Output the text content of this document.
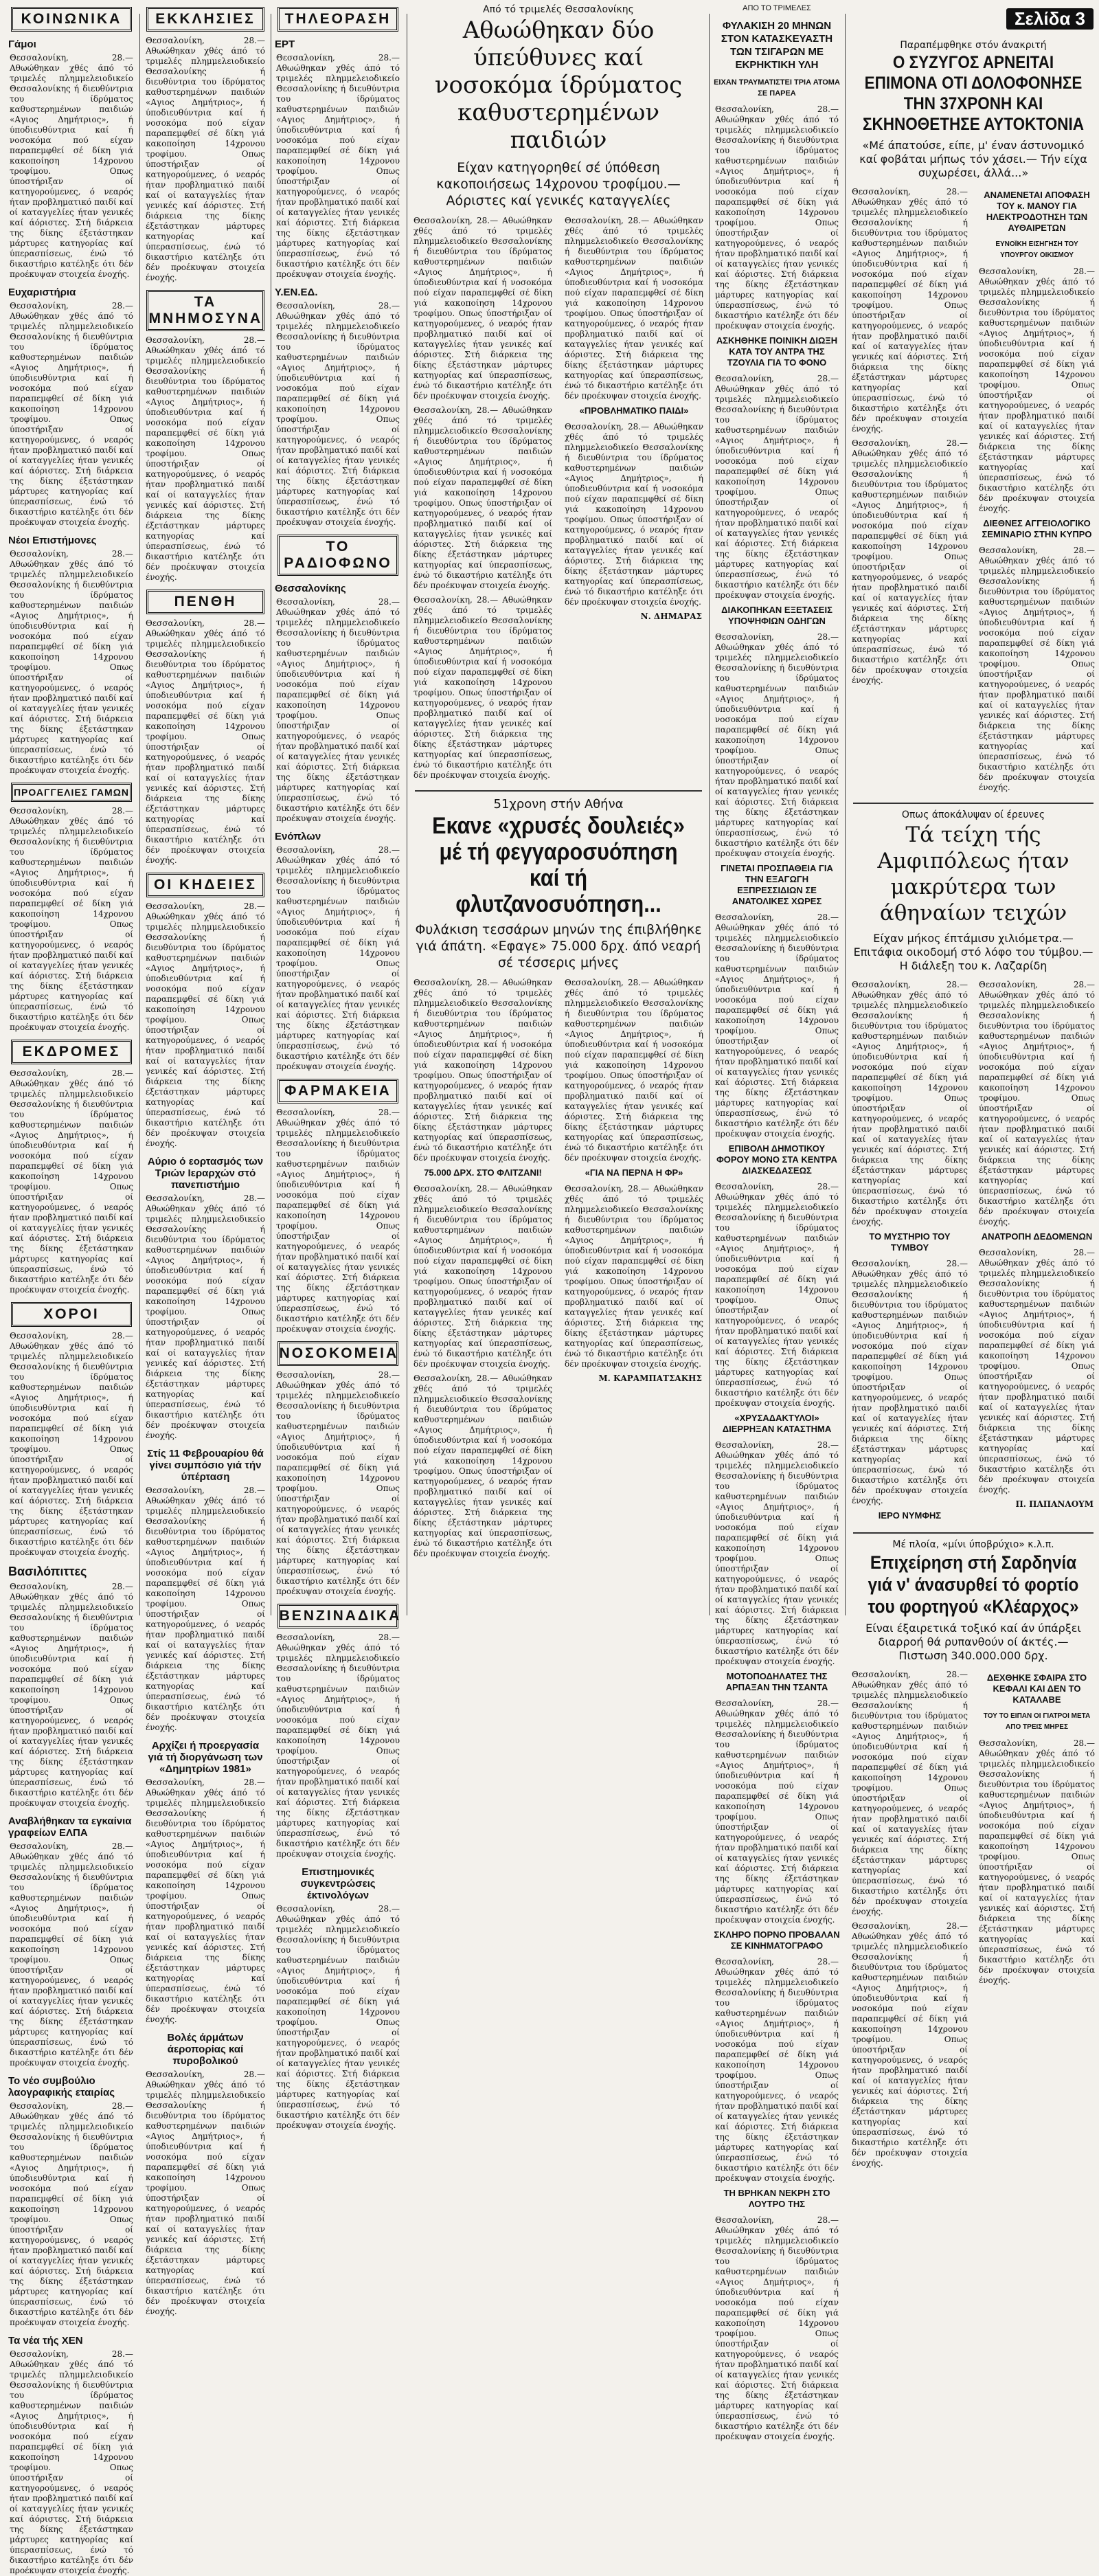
ΚΟΙΝΩΝΙΚΑ
Γάμοι
Θεσσαλονίκη, 28.— Αθωώθηκαν χθές άπό τό τριμελές πλημμελειοδικείο Θεσσαλονίκης ή διευθύντρια του ίδρύματος καθυστερημένων παιδιών «Αγιος Δημήτριος», ή ύποδιευθύντρια καί ή νοσοκόμα πού είχαν παραπεμφθεί σέ δίκη γιά κακοποίηση 14χρονου τροφίμου. Οπως ύποστήριξαν οί κατηγορούμενες, ό νεαρός ήταν προβληματικό παιδί καί οί καταγγελίες ήταν γενικές καί άόριστες. Στή διάρκεια της δίκης έξετάστηκαν μάρτυρες κατηγορίας καί ύπερασπίσεως, ένώ τό δικαστήριο κατέληξε ότι δέν προέκυψαν στοιχεία ένοχής.
Ευχαριστήρια
Θεσσαλονίκη, 28.— Αθωώθηκαν χθές άπό τό τριμελές πλημμελειοδικείο Θεσσαλονίκης ή διευθύντρια του ίδρύματος καθυστερημένων παιδιών «Αγιος Δημήτριος», ή ύποδιευθύντρια καί ή νοσοκόμα πού είχαν παραπεμφθεί σέ δίκη γιά κακοποίηση 14χρονου τροφίμου. Οπως ύποστήριξαν οί κατηγορούμενες, ό νεαρός ήταν προβληματικό παιδί καί οί καταγγελίες ήταν γενικές καί άόριστες. Στή διάρκεια της δίκης έξετάστηκαν μάρτυρες κατηγορίας καί ύπερασπίσεως, ένώ τό δικαστήριο κατέληξε ότι δέν προέκυψαν στοιχεία ένοχής.
Νέοι Επιστήμονες
Θεσσαλονίκη, 28.— Αθωώθηκαν χθές άπό τό τριμελές πλημμελειοδικείο Θεσσαλονίκης ή διευθύντρια του ίδρύματος καθυστερημένων παιδιών «Αγιος Δημήτριος», ή ύποδιευθύντρια καί ή νοσοκόμα πού είχαν παραπεμφθεί σέ δίκη γιά κακοποίηση 14χρονου τροφίμου. Οπως ύποστήριξαν οί κατηγορούμενες, ό νεαρός ήταν προβληματικό παιδί καί οί καταγγελίες ήταν γενικές καί άόριστες. Στή διάρκεια της δίκης έξετάστηκαν μάρτυρες κατηγορίας καί ύπερασπίσεως, ένώ τό δικαστήριο κατέληξε ότι δέν προέκυψαν στοιχεία ένοχής.
ΠΡΟΑΓΓΕΛΙΕΣ ΓΑΜΩΝ
Θεσσαλονίκη, 28.— Αθωώθηκαν χθές άπό τό τριμελές πλημμελειοδικείο Θεσσαλονίκης ή διευθύντρια του ίδρύματος καθυστερημένων παιδιών «Αγιος Δημήτριος», ή ύποδιευθύντρια καί ή νοσοκόμα πού είχαν παραπεμφθεί σέ δίκη γιά κακοποίηση 14χρονου τροφίμου. Οπως ύποστήριξαν οί κατηγορούμενες, ό νεαρός ήταν προβληματικό παιδί καί οί καταγγελίες ήταν γενικές καί άόριστες. Στή διάρκεια της δίκης έξετάστηκαν μάρτυρες κατηγορίας καί ύπερασπίσεως, ένώ τό δικαστήριο κατέληξε ότι δέν προέκυψαν στοιχεία ένοχής.
ΕΚΔΡΟΜΕΣ
Θεσσαλονίκη, 28.— Αθωώθηκαν χθές άπό τό τριμελές πλημμελειοδικείο Θεσσαλονίκης ή διευθύντρια του ίδρύματος καθυστερημένων παιδιών «Αγιος Δημήτριος», ή ύποδιευθύντρια καί ή νοσοκόμα πού είχαν παραπεμφθεί σέ δίκη γιά κακοποίηση 14χρονου τροφίμου. Οπως ύποστήριξαν οί κατηγορούμενες, ό νεαρός ήταν προβληματικό παιδί καί οί καταγγελίες ήταν γενικές καί άόριστες. Στή διάρκεια της δίκης έξετάστηκαν μάρτυρες κατηγορίας καί ύπερασπίσεως, ένώ τό δικαστήριο κατέληξε ότι δέν προέκυψαν στοιχεία ένοχής.
ΧΟΡΟΙ
Θεσσαλονίκη, 28.— Αθωώθηκαν χθές άπό τό τριμελές πλημμελειοδικείο Θεσσαλονίκης ή διευθύντρια του ίδρύματος καθυστερημένων παιδιών «Αγιος Δημήτριος», ή ύποδιευθύντρια καί ή νοσοκόμα πού είχαν παραπεμφθεί σέ δίκη γιά κακοποίηση 14χρονου τροφίμου. Οπως ύποστήριξαν οί κατηγορούμενες, ό νεαρός ήταν προβληματικό παιδί καί οί καταγγελίες ήταν γενικές καί άόριστες. Στή διάρκεια της δίκης έξετάστηκαν μάρτυρες κατηγορίας καί ύπερασπίσεως, ένώ τό δικαστήριο κατέληξε ότι δέν προέκυψαν στοιχεία ένοχής.
Βασιλόπιττες
Θεσσαλονίκη, 28.— Αθωώθηκαν χθές άπό τό τριμελές πλημμελειοδικείο Θεσσαλονίκης ή διευθύντρια του ίδρύματος καθυστερημένων παιδιών «Αγιος Δημήτριος», ή ύποδιευθύντρια καί ή νοσοκόμα πού είχαν παραπεμφθεί σέ δίκη γιά κακοποίηση 14χρονου τροφίμου. Οπως ύποστήριξαν οί κατηγορούμενες, ό νεαρός ήταν προβληματικό παιδί καί οί καταγγελίες ήταν γενικές καί άόριστες. Στή διάρκεια της δίκης έξετάστηκαν μάρτυρες κατηγορίας καί ύπερασπίσεως, ένώ τό δικαστήριο κατέληξε ότι δέν προέκυψαν στοιχεία ένοχής.
Αναβλήθηκαν τα εγκαίνια γραφείων ΕΛΠΑ
Θεσσαλονίκη, 28.— Αθωώθηκαν χθές άπό τό τριμελές πλημμελειοδικείο Θεσσαλονίκης ή διευθύντρια του ίδρύματος καθυστερημένων παιδιών «Αγιος Δημήτριος», ή ύποδιευθύντρια καί ή νοσοκόμα πού είχαν παραπεμφθεί σέ δίκη γιά κακοποίηση 14χρονου τροφίμου. Οπως ύποστήριξαν οί κατηγορούμενες, ό νεαρός ήταν προβληματικό παιδί καί οί καταγγελίες ήταν γενικές καί άόριστες. Στή διάρκεια της δίκης έξετάστηκαν μάρτυρες κατηγορίας καί ύπερασπίσεως, ένώ τό δικαστήριο κατέληξε ότι δέν προέκυψαν στοιχεία ένοχής.
Το νέο συμβούλιο λαογραφικής εταιρίας
Θεσσαλονίκη, 28.— Αθωώθηκαν χθές άπό τό τριμελές πλημμελειοδικείο Θεσσαλονίκης ή διευθύντρια του ίδρύματος καθυστερημένων παιδιών «Αγιος Δημήτριος», ή ύποδιευθύντρια καί ή νοσοκόμα πού είχαν παραπεμφθεί σέ δίκη γιά κακοποίηση 14χρονου τροφίμου. Οπως ύποστήριξαν οί κατηγορούμενες, ό νεαρός ήταν προβληματικό παιδί καί οί καταγγελίες ήταν γενικές καί άόριστες. Στή διάρκεια της δίκης έξετάστηκαν μάρτυρες κατηγορίας καί ύπερασπίσεως, ένώ τό δικαστήριο κατέληξε ότι δέν προέκυψαν στοιχεία ένοχής.
Τα νέα τής ΧΕΝ
Θεσσαλονίκη, 28.— Αθωώθηκαν χθές άπό τό τριμελές πλημμελειοδικείο Θεσσαλονίκης ή διευθύντρια του ίδρύματος καθυστερημένων παιδιών «Αγιος Δημήτριος», ή ύποδιευθύντρια καί ή νοσοκόμα πού είχαν παραπεμφθεί σέ δίκη γιά κακοποίηση 14χρονου τροφίμου. Οπως ύποστήριξαν οί κατηγορούμενες, ό νεαρός ήταν προβληματικό παιδί καί οί καταγγελίες ήταν γενικές καί άόριστες. Στή διάρκεια της δίκης έξετάστηκαν μάρτυρες κατηγορίας καί ύπερασπίσεως, ένώ τό δικαστήριο κατέληξε ότι δέν προέκυψαν στοιχεία ένοχής.
ΕΚΚΛΗΣΙΕΣ
Θεσσαλονίκη, 28.— Αθωώθηκαν χθές άπό τό τριμελές πλημμελειοδικείο Θεσσαλονίκης ή διευθύντρια του ίδρύματος καθυστερημένων παιδιών «Αγιος Δημήτριος», ή ύποδιευθύντρια καί ή νοσοκόμα πού είχαν παραπεμφθεί σέ δίκη γιά κακοποίηση 14χρονου τροφίμου. Οπως ύποστήριξαν οί κατηγορούμενες, ό νεαρός ήταν προβληματικό παιδί καί οί καταγγελίες ήταν γενικές καί άόριστες. Στή διάρκεια της δίκης έξετάστηκαν μάρτυρες κατηγορίας καί ύπερασπίσεως, ένώ τό δικαστήριο κατέληξε ότι δέν προέκυψαν στοιχεία ένοχής.
ΤΑ ΜΝΗΜΟΣΥΝΑ
Θεσσαλονίκη, 28.— Αθωώθηκαν χθές άπό τό τριμελές πλημμελειοδικείο Θεσσαλονίκης ή διευθύντρια του ίδρύματος καθυστερημένων παιδιών «Αγιος Δημήτριος», ή ύποδιευθύντρια καί ή νοσοκόμα πού είχαν παραπεμφθεί σέ δίκη γιά κακοποίηση 14χρονου τροφίμου. Οπως ύποστήριξαν οί κατηγορούμενες, ό νεαρός ήταν προβληματικό παιδί καί οί καταγγελίες ήταν γενικές καί άόριστες. Στή διάρκεια της δίκης έξετάστηκαν μάρτυρες κατηγορίας καί ύπερασπίσεως, ένώ τό δικαστήριο κατέληξε ότι δέν προέκυψαν στοιχεία ένοχής.
ΠΕΝΘΗ
Θεσσαλονίκη, 28.— Αθωώθηκαν χθές άπό τό τριμελές πλημμελειοδικείο Θεσσαλονίκης ή διευθύντρια του ίδρύματος καθυστερημένων παιδιών «Αγιος Δημήτριος», ή ύποδιευθύντρια καί ή νοσοκόμα πού είχαν παραπεμφθεί σέ δίκη γιά κακοποίηση 14χρονου τροφίμου. Οπως ύποστήριξαν οί κατηγορούμενες, ό νεαρός ήταν προβληματικό παιδί καί οί καταγγελίες ήταν γενικές καί άόριστες. Στή διάρκεια της δίκης έξετάστηκαν μάρτυρες κατηγορίας καί ύπερασπίσεως, ένώ τό δικαστήριο κατέληξε ότι δέν προέκυψαν στοιχεία ένοχής.
ΟΙ ΚΗΔΕΙΕΣ
Θεσσαλονίκη, 28.— Αθωώθηκαν χθές άπό τό τριμελές πλημμελειοδικείο Θεσσαλονίκης ή διευθύντρια του ίδρύματος καθυστερημένων παιδιών «Αγιος Δημήτριος», ή ύποδιευθύντρια καί ή νοσοκόμα πού είχαν παραπεμφθεί σέ δίκη γιά κακοποίηση 14χρονου τροφίμου. Οπως ύποστήριξαν οί κατηγορούμενες, ό νεαρός ήταν προβληματικό παιδί καί οί καταγγελίες ήταν γενικές καί άόριστες. Στή διάρκεια της δίκης έξετάστηκαν μάρτυρες κατηγορίας καί ύπερασπίσεως, ένώ τό δικαστήριο κατέληξε ότι δέν προέκυψαν στοιχεία ένοχής.
Αύριο ό εορτασμός των Τριών Ιεραρχών στό πανεπιστήμιο
Θεσσαλονίκη, 28.— Αθωώθηκαν χθές άπό τό τριμελές πλημμελειοδικείο Θεσσαλονίκης ή διευθύντρια του ίδρύματος καθυστερημένων παιδιών «Αγιος Δημήτριος», ή ύποδιευθύντρια καί ή νοσοκόμα πού είχαν παραπεμφθεί σέ δίκη γιά κακοποίηση 14χρονου τροφίμου. Οπως ύποστήριξαν οί κατηγορούμενες, ό νεαρός ήταν προβληματικό παιδί καί οί καταγγελίες ήταν γενικές καί άόριστες. Στή διάρκεια της δίκης έξετάστηκαν μάρτυρες κατηγορίας καί ύπερασπίσεως, ένώ τό δικαστήριο κατέληξε ότι δέν προέκυψαν στοιχεία ένοχής.
Στίς 11 Φεβρουαρίου θά γίνει συμπόσιο γιά τήν ύπέρταση
Θεσσαλονίκη, 28.— Αθωώθηκαν χθές άπό τό τριμελές πλημμελειοδικείο Θεσσαλονίκης ή διευθύντρια του ίδρύματος καθυστερημένων παιδιών «Αγιος Δημήτριος», ή ύποδιευθύντρια καί ή νοσοκόμα πού είχαν παραπεμφθεί σέ δίκη γιά κακοποίηση 14χρονου τροφίμου. Οπως ύποστήριξαν οί κατηγορούμενες, ό νεαρός ήταν προβληματικό παιδί καί οί καταγγελίες ήταν γενικές καί άόριστες. Στή διάρκεια της δίκης έξετάστηκαν μάρτυρες κατηγορίας καί ύπερασπίσεως, ένώ τό δικαστήριο κατέληξε ότι δέν προέκυψαν στοιχεία ένοχής.
Αρχίζει ή προεργασία γιά τή διοργάνωση των «Δημητρίων 1981»
Θεσσαλονίκη, 28.— Αθωώθηκαν χθές άπό τό τριμελές πλημμελειοδικείο Θεσσαλονίκης ή διευθύντρια του ίδρύματος καθυστερημένων παιδιών «Αγιος Δημήτριος», ή ύποδιευθύντρια καί ή νοσοκόμα πού είχαν παραπεμφθεί σέ δίκη γιά κακοποίηση 14χρονου τροφίμου. Οπως ύποστήριξαν οί κατηγορούμενες, ό νεαρός ήταν προβληματικό παιδί καί οί καταγγελίες ήταν γενικές καί άόριστες. Στή διάρκεια της δίκης έξετάστηκαν μάρτυρες κατηγορίας καί ύπερασπίσεως, ένώ τό δικαστήριο κατέληξε ότι δέν προέκυψαν στοιχεία ένοχής.
Βολές άρμάτων άεροπορίας καί πυροβολικού
Θεσσαλονίκη, 28.— Αθωώθηκαν χθές άπό τό τριμελές πλημμελειοδικείο Θεσσαλονίκης ή διευθύντρια του ίδρύματος καθυστερημένων παιδιών «Αγιος Δημήτριος», ή ύποδιευθύντρια καί ή νοσοκόμα πού είχαν παραπεμφθεί σέ δίκη γιά κακοποίηση 14χρονου τροφίμου. Οπως ύποστήριξαν οί κατηγορούμενες, ό νεαρός ήταν προβληματικό παιδί καί οί καταγγελίες ήταν γενικές καί άόριστες. Στή διάρκεια της δίκης έξετάστηκαν μάρτυρες κατηγορίας καί ύπερασπίσεως, ένώ τό δικαστήριο κατέληξε ότι δέν προέκυψαν στοιχεία ένοχής.
ΤΗΛΕΟΡΑΣΗ
ΕΡΤ
Θεσσαλονίκη, 28.— Αθωώθηκαν χθές άπό τό τριμελές πλημμελειοδικείο Θεσσαλονίκης ή διευθύντρια του ίδρύματος καθυστερημένων παιδιών «Αγιος Δημήτριος», ή ύποδιευθύντρια καί ή νοσοκόμα πού είχαν παραπεμφθεί σέ δίκη γιά κακοποίηση 14χρονου τροφίμου. Οπως ύποστήριξαν οί κατηγορούμενες, ό νεαρός ήταν προβληματικό παιδί καί οί καταγγελίες ήταν γενικές καί άόριστες. Στή διάρκεια της δίκης έξετάστηκαν μάρτυρες κατηγορίας καί ύπερασπίσεως, ένώ τό δικαστήριο κατέληξε ότι δέν προέκυψαν στοιχεία ένοχής.
Υ.ΕΝ.ΕΔ.
Θεσσαλονίκη, 28.— Αθωώθηκαν χθές άπό τό τριμελές πλημμελειοδικείο Θεσσαλονίκης ή διευθύντρια του ίδρύματος καθυστερημένων παιδιών «Αγιος Δημήτριος», ή ύποδιευθύντρια καί ή νοσοκόμα πού είχαν παραπεμφθεί σέ δίκη γιά κακοποίηση 14χρονου τροφίμου. Οπως ύποστήριξαν οί κατηγορούμενες, ό νεαρός ήταν προβληματικό παιδί καί οί καταγγελίες ήταν γενικές καί άόριστες. Στή διάρκεια της δίκης έξετάστηκαν μάρτυρες κατηγορίας καί ύπερασπίσεως, ένώ τό δικαστήριο κατέληξε ότι δέν προέκυψαν στοιχεία ένοχής.
ΤΟ ΡΑΔΙΟΦΩΝΟ
Θεσσαλονίκης
Θεσσαλονίκη, 28.— Αθωώθηκαν χθές άπό τό τριμελές πλημμελειοδικείο Θεσσαλονίκης ή διευθύντρια του ίδρύματος καθυστερημένων παιδιών «Αγιος Δημήτριος», ή ύποδιευθύντρια καί ή νοσοκόμα πού είχαν παραπεμφθεί σέ δίκη γιά κακοποίηση 14χρονου τροφίμου. Οπως ύποστήριξαν οί κατηγορούμενες, ό νεαρός ήταν προβληματικό παιδί καί οί καταγγελίες ήταν γενικές καί άόριστες. Στή διάρκεια της δίκης έξετάστηκαν μάρτυρες κατηγορίας καί ύπερασπίσεως, ένώ τό δικαστήριο κατέληξε ότι δέν προέκυψαν στοιχεία ένοχής.
Ενόπλων
Θεσσαλονίκη, 28.— Αθωώθηκαν χθές άπό τό τριμελές πλημμελειοδικείο Θεσσαλονίκης ή διευθύντρια του ίδρύματος καθυστερημένων παιδιών «Αγιος Δημήτριος», ή ύποδιευθύντρια καί ή νοσοκόμα πού είχαν παραπεμφθεί σέ δίκη γιά κακοποίηση 14χρονου τροφίμου. Οπως ύποστήριξαν οί κατηγορούμενες, ό νεαρός ήταν προβληματικό παιδί καί οί καταγγελίες ήταν γενικές καί άόριστες. Στή διάρκεια της δίκης έξετάστηκαν μάρτυρες κατηγορίας καί ύπερασπίσεως, ένώ τό δικαστήριο κατέληξε ότι δέν προέκυψαν στοιχεία ένοχής.
ΦΑΡΜΑΚΕΙΑ
Θεσσαλονίκη, 28.— Αθωώθηκαν χθές άπό τό τριμελές πλημμελειοδικείο Θεσσαλονίκης ή διευθύντρια του ίδρύματος καθυστερημένων παιδιών «Αγιος Δημήτριος», ή ύποδιευθύντρια καί ή νοσοκόμα πού είχαν παραπεμφθεί σέ δίκη γιά κακοποίηση 14χρονου τροφίμου. Οπως ύποστήριξαν οί κατηγορούμενες, ό νεαρός ήταν προβληματικό παιδί καί οί καταγγελίες ήταν γενικές καί άόριστες. Στή διάρκεια της δίκης έξετάστηκαν μάρτυρες κατηγορίας καί ύπερασπίσεως, ένώ τό δικαστήριο κατέληξε ότι δέν προέκυψαν στοιχεία ένοχής.
ΝΟΣΟΚΟΜΕΙΑ
Θεσσαλονίκη, 28.— Αθωώθηκαν χθές άπό τό τριμελές πλημμελειοδικείο Θεσσαλονίκης ή διευθύντρια του ίδρύματος καθυστερημένων παιδιών «Αγιος Δημήτριος», ή ύποδιευθύντρια καί ή νοσοκόμα πού είχαν παραπεμφθεί σέ δίκη γιά κακοποίηση 14χρονου τροφίμου. Οπως ύποστήριξαν οί κατηγορούμενες, ό νεαρός ήταν προβληματικό παιδί καί οί καταγγελίες ήταν γενικές καί άόριστες. Στή διάρκεια της δίκης έξετάστηκαν μάρτυρες κατηγορίας καί ύπερασπίσεως, ένώ τό δικαστήριο κατέληξε ότι δέν προέκυψαν στοιχεία ένοχής.
ΒΕΝΖΙΝΑΔΙΚΑ
Θεσσαλονίκη, 28.— Αθωώθηκαν χθές άπό τό τριμελές πλημμελειοδικείο Θεσσαλονίκης ή διευθύντρια του ίδρύματος καθυστερημένων παιδιών «Αγιος Δημήτριος», ή ύποδιευθύντρια καί ή νοσοκόμα πού είχαν παραπεμφθεί σέ δίκη γιά κακοποίηση 14χρονου τροφίμου. Οπως ύποστήριξαν οί κατηγορούμενες, ό νεαρός ήταν προβληματικό παιδί καί οί καταγγελίες ήταν γενικές καί άόριστες. Στή διάρκεια της δίκης έξετάστηκαν μάρτυρες κατηγορίας καί ύπερασπίσεως, ένώ τό δικαστήριο κατέληξε ότι δέν προέκυψαν στοιχεία ένοχής.
Επιστημονικές συγκεντρώσεις έκτινολόγων
Θεσσαλονίκη, 28.— Αθωώθηκαν χθές άπό τό τριμελές πλημμελειοδικείο Θεσσαλονίκης ή διευθύντρια του ίδρύματος καθυστερημένων παιδιών «Αγιος Δημήτριος», ή ύποδιευθύντρια καί ή νοσοκόμα πού είχαν παραπεμφθεί σέ δίκη γιά κακοποίηση 14χρονου τροφίμου. Οπως ύποστήριξαν οί κατηγορούμενες, ό νεαρός ήταν προβληματικό παιδί καί οί καταγγελίες ήταν γενικές καί άόριστες. Στή διάρκεια της δίκης έξετάστηκαν μάρτυρες κατηγορίας καί ύπερασπίσεως, ένώ τό δικαστήριο κατέληξε ότι δέν προέκυψαν στοιχεία ένοχής.
Από τό τριμελές Θεσσαλονίκης
Αθωώθηκαν δύο ύπεύθυνες καί νοσοκόμα ίδρύματος καθυστερημένων παιδιών
Είχαν κατηγορηθεί σέ ύπόθεση κακοποιήσεως 14χρονου τροφίμου.— Αόριστες καί γενικές καταγγελίες
Θεσσαλονίκη, 28.— Αθωώθηκαν χθές άπό τό τριμελές πλημμελειοδικείο Θεσσαλονίκης ή διευθύντρια του ίδρύματος καθυστερημένων παιδιών «Αγιος Δημήτριος», ή ύποδιευθύντρια καί ή νοσοκόμα πού είχαν παραπεμφθεί σέ δίκη γιά κακοποίηση 14χρονου τροφίμου. Οπως ύποστήριξαν οί κατηγορούμενες, ό νεαρός ήταν προβληματικό παιδί καί οί καταγγελίες ήταν γενικές καί άόριστες. Στή διάρκεια της δίκης έξετάστηκαν μάρτυρες κατηγορίας καί ύπερασπίσεως, ένώ τό δικαστήριο κατέληξε ότι δέν προέκυψαν στοιχεία ένοχής.
Θεσσαλονίκη, 28.— Αθωώθηκαν χθές άπό τό τριμελές πλημμελειοδικείο Θεσσαλονίκης ή διευθύντρια του ίδρύματος καθυστερημένων παιδιών «Αγιος Δημήτριος», ή ύποδιευθύντρια καί ή νοσοκόμα πού είχαν παραπεμφθεί σέ δίκη γιά κακοποίηση 14χρονου τροφίμου. Οπως ύποστήριξαν οί κατηγορούμενες, ό νεαρός ήταν προβληματικό παιδί καί οί καταγγελίες ήταν γενικές καί άόριστες. Στή διάρκεια της δίκης έξετάστηκαν μάρτυρες κατηγορίας καί ύπερασπίσεως, ένώ τό δικαστήριο κατέληξε ότι δέν προέκυψαν στοιχεία ένοχής.
Θεσσαλονίκη, 28.— Αθωώθηκαν χθές άπό τό τριμελές πλημμελειοδικείο Θεσσαλονίκης ή διευθύντρια του ίδρύματος καθυστερημένων παιδιών «Αγιος Δημήτριος», ή ύποδιευθύντρια καί ή νοσοκόμα πού είχαν παραπεμφθεί σέ δίκη γιά κακοποίηση 14χρονου τροφίμου. Οπως ύποστήριξαν οί κατηγορούμενες, ό νεαρός ήταν προβληματικό παιδί καί οί καταγγελίες ήταν γενικές καί άόριστες. Στή διάρκεια της δίκης έξετάστηκαν μάρτυρες κατηγορίας καί ύπερασπίσεως, ένώ τό δικαστήριο κατέληξε ότι δέν προέκυψαν στοιχεία ένοχής.
Θεσσαλονίκη, 28.— Αθωώθηκαν χθές άπό τό τριμελές πλημμελειοδικείο Θεσσαλονίκης ή διευθύντρια του ίδρύματος καθυστερημένων παιδιών «Αγιος Δημήτριος», ή ύποδιευθύντρια καί ή νοσοκόμα πού είχαν παραπεμφθεί σέ δίκη γιά κακοποίηση 14χρονου τροφίμου. Οπως ύποστήριξαν οί κατηγορούμενες, ό νεαρός ήταν προβληματικό παιδί καί οί καταγγελίες ήταν γενικές καί άόριστες. Στή διάρκεια της δίκης έξετάστηκαν μάρτυρες κατηγορίας καί ύπερασπίσεως, ένώ τό δικαστήριο κατέληξε ότι δέν προέκυψαν στοιχεία ένοχής.
«ΠΡΟΒΛΗΜΑΤΙΚΟ ΠΑΙΔΙ»
Θεσσαλονίκη, 28.— Αθωώθηκαν χθές άπό τό τριμελές πλημμελειοδικείο Θεσσαλονίκης ή διευθύντρια του ίδρύματος καθυστερημένων παιδιών «Αγιος Δημήτριος», ή ύποδιευθύντρια καί ή νοσοκόμα πού είχαν παραπεμφθεί σέ δίκη γιά κακοποίηση 14χρονου τροφίμου. Οπως ύποστήριξαν οί κατηγορούμενες, ό νεαρός ήταν προβληματικό παιδί καί οί καταγγελίες ήταν γενικές καί άόριστες. Στή διάρκεια της δίκης έξετάστηκαν μάρτυρες κατηγορίας καί ύπερασπίσεως, ένώ τό δικαστήριο κατέληξε ότι δέν προέκυψαν στοιχεία ένοχής.
Ν. ΔΗΜΑΡΑΣ
51χρονη στήν Αθήνα
Εκανε «χρυσές δουλειές» μέ τή φεγγαροσυόπηση καί τή φλυτζανοσυόπηση...
Φυλάκιση τεσσάρων μηνών της έπιβλήθηκε γιά άπάτη. «Εφαγε» 75.000 δρχ. άπό νεαρή σέ τέσσερις μήνες
Θεσσαλονίκη, 28.— Αθωώθηκαν χθές άπό τό τριμελές πλημμελειοδικείο Θεσσαλονίκης ή διευθύντρια του ίδρύματος καθυστερημένων παιδιών «Αγιος Δημήτριος», ή ύποδιευθύντρια καί ή νοσοκόμα πού είχαν παραπεμφθεί σέ δίκη γιά κακοποίηση 14χρονου τροφίμου. Οπως ύποστήριξαν οί κατηγορούμενες, ό νεαρός ήταν προβληματικό παιδί καί οί καταγγελίες ήταν γενικές καί άόριστες. Στή διάρκεια της δίκης έξετάστηκαν μάρτυρες κατηγορίας καί ύπερασπίσεως, ένώ τό δικαστήριο κατέληξε ότι δέν προέκυψαν στοιχεία ένοχής.
75.000 ΔΡΧ. ΣΤΟ ΦΛΙΤΖΑΝΙ!
Θεσσαλονίκη, 28.— Αθωώθηκαν χθές άπό τό τριμελές πλημμελειοδικείο Θεσσαλονίκης ή διευθύντρια του ίδρύματος καθυστερημένων παιδιών «Αγιος Δημήτριος», ή ύποδιευθύντρια καί ή νοσοκόμα πού είχαν παραπεμφθεί σέ δίκη γιά κακοποίηση 14χρονου τροφίμου. Οπως ύποστήριξαν οί κατηγορούμενες, ό νεαρός ήταν προβληματικό παιδί καί οί καταγγελίες ήταν γενικές καί άόριστες. Στή διάρκεια της δίκης έξετάστηκαν μάρτυρες κατηγορίας καί ύπερασπίσεως, ένώ τό δικαστήριο κατέληξε ότι δέν προέκυψαν στοιχεία ένοχής.
Θεσσαλονίκη, 28.— Αθωώθηκαν χθές άπό τό τριμελές πλημμελειοδικείο Θεσσαλονίκης ή διευθύντρια του ίδρύματος καθυστερημένων παιδιών «Αγιος Δημήτριος», ή ύποδιευθύντρια καί ή νοσοκόμα πού είχαν παραπεμφθεί σέ δίκη γιά κακοποίηση 14χρονου τροφίμου. Οπως ύποστήριξαν οί κατηγορούμενες, ό νεαρός ήταν προβληματικό παιδί καί οί καταγγελίες ήταν γενικές καί άόριστες. Στή διάρκεια της δίκης έξετάστηκαν μάρτυρες κατηγορίας καί ύπερασπίσεως, ένώ τό δικαστήριο κατέληξε ότι δέν προέκυψαν στοιχεία ένοχής.
Θεσσαλονίκη, 28.— Αθωώθηκαν χθές άπό τό τριμελές πλημμελειοδικείο Θεσσαλονίκης ή διευθύντρια του ίδρύματος καθυστερημένων παιδιών «Αγιος Δημήτριος», ή ύποδιευθύντρια καί ή νοσοκόμα πού είχαν παραπεμφθεί σέ δίκη γιά κακοποίηση 14χρονου τροφίμου. Οπως ύποστήριξαν οί κατηγορούμενες, ό νεαρός ήταν προβληματικό παιδί καί οί καταγγελίες ήταν γενικές καί άόριστες. Στή διάρκεια της δίκης έξετάστηκαν μάρτυρες κατηγορίας καί ύπερασπίσεως, ένώ τό δικαστήριο κατέληξε ότι δέν προέκυψαν στοιχεία ένοχής.
«ΓΙΑ ΝΑ ΠΕΡΝΑ Η ΦΡ»
Θεσσαλονίκη, 28.— Αθωώθηκαν χθές άπό τό τριμελές πλημμελειοδικείο Θεσσαλονίκης ή διευθύντρια του ίδρύματος καθυστερημένων παιδιών «Αγιος Δημήτριος», ή ύποδιευθύντρια καί ή νοσοκόμα πού είχαν παραπεμφθεί σέ δίκη γιά κακοποίηση 14χρονου τροφίμου. Οπως ύποστήριξαν οί κατηγορούμενες, ό νεαρός ήταν προβληματικό παιδί καί οί καταγγελίες ήταν γενικές καί άόριστες. Στή διάρκεια της δίκης έξετάστηκαν μάρτυρες κατηγορίας καί ύπερασπίσεως, ένώ τό δικαστήριο κατέληξε ότι δέν προέκυψαν στοιχεία ένοχής.
Μ. ΚΑΡΑΜΠΑΤΣΑΚΗΣ
ΑΠΟ ΤΟ ΤΡΙΜΕΛΕΣ
ΦΥΛΑΚΙΣΗ 20 ΜΗΝΩΝ ΣΤΟΝ ΚΑΤΑΣΚΕΥΑΣΤΗ ΤΩΝ ΤΣΙΓΑΡΩΝ ΜΕ ΕΚΡΗΚΤΙΚΗ ΥΛΗ
ΕΙΧΑΝ ΤΡΑΥΜΑΤΙΣΤΕΙ ΤΡΙΑ ΑΤΟΜΑ ΣΕ ΠΑΡΕΑ
Θεσσαλονίκη, 28.— Αθωώθηκαν χθές άπό τό τριμελές πλημμελειοδικείο Θεσσαλονίκης ή διευθύντρια του ίδρύματος καθυστερημένων παιδιών «Αγιος Δημήτριος», ή ύποδιευθύντρια καί ή νοσοκόμα πού είχαν παραπεμφθεί σέ δίκη γιά κακοποίηση 14χρονου τροφίμου. Οπως ύποστήριξαν οί κατηγορούμενες, ό νεαρός ήταν προβληματικό παιδί καί οί καταγγελίες ήταν γενικές καί άόριστες. Στή διάρκεια της δίκης έξετάστηκαν μάρτυρες κατηγορίας καί ύπερασπίσεως, ένώ τό δικαστήριο κατέληξε ότι δέν προέκυψαν στοιχεία ένοχής.
ΑΣΚΗΘΗΚΕ ΠΟΙΝΙΚΗ ΔΙΩΞΗ ΚΑΤΑ ΤΟΥ ΑΝΤΡΑ ΤΗΣ ΤΖΟΥΛΙΑ ΓΙΑ ΤΟ ΦΟΝΟ
Θεσσαλονίκη, 28.— Αθωώθηκαν χθές άπό τό τριμελές πλημμελειοδικείο Θεσσαλονίκης ή διευθύντρια του ίδρύματος καθυστερημένων παιδιών «Αγιος Δημήτριος», ή ύποδιευθύντρια καί ή νοσοκόμα πού είχαν παραπεμφθεί σέ δίκη γιά κακοποίηση 14χρονου τροφίμου. Οπως ύποστήριξαν οί κατηγορούμενες, ό νεαρός ήταν προβληματικό παιδί καί οί καταγγελίες ήταν γενικές καί άόριστες. Στή διάρκεια της δίκης έξετάστηκαν μάρτυρες κατηγορίας καί ύπερασπίσεως, ένώ τό δικαστήριο κατέληξε ότι δέν προέκυψαν στοιχεία ένοχής.
ΔΙΑΚΟΠΗΚΑΝ ΕΞΕΤΑΣΕΙΣ ΥΠΟΨΗΦΙΩΝ ΟΔΗΓΩΝ
Θεσσαλονίκη, 28.— Αθωώθηκαν χθές άπό τό τριμελές πλημμελειοδικείο Θεσσαλονίκης ή διευθύντρια του ίδρύματος καθυστερημένων παιδιών «Αγιος Δημήτριος», ή ύποδιευθύντρια καί ή νοσοκόμα πού είχαν παραπεμφθεί σέ δίκη γιά κακοποίηση 14χρονου τροφίμου. Οπως ύποστήριξαν οί κατηγορούμενες, ό νεαρός ήταν προβληματικό παιδί καί οί καταγγελίες ήταν γενικές καί άόριστες. Στή διάρκεια της δίκης έξετάστηκαν μάρτυρες κατηγορίας καί ύπερασπίσεως, ένώ τό δικαστήριο κατέληξε ότι δέν προέκυψαν στοιχεία ένοχής.
ΓΙΝΕΤΑΙ ΠΡΟΣΠΑΘΕΙΑ ΓΙΑ ΤΗΝ ΕΞΑΓΩΓΗ ΕΞΠΡΕΣΣΙΔΙΩΝ ΣΕ ΑΝΑΤΟΛΙΚΕΣ ΧΩΡΕΣ
Θεσσαλονίκη, 28.— Αθωώθηκαν χθές άπό τό τριμελές πλημμελειοδικείο Θεσσαλονίκης ή διευθύντρια του ίδρύματος καθυστερημένων παιδιών «Αγιος Δημήτριος», ή ύποδιευθύντρια καί ή νοσοκόμα πού είχαν παραπεμφθεί σέ δίκη γιά κακοποίηση 14χρονου τροφίμου. Οπως ύποστήριξαν οί κατηγορούμενες, ό νεαρός ήταν προβληματικό παιδί καί οί καταγγελίες ήταν γενικές καί άόριστες. Στή διάρκεια της δίκης έξετάστηκαν μάρτυρες κατηγορίας καί ύπερασπίσεως, ένώ τό δικαστήριο κατέληξε ότι δέν προέκυψαν στοιχεία ένοχής.
ΕΠΙΒΟΛΗ ΔΗΜΟΤΙΚΟΥ ΦΟΡΟΥ ΜΟΝΟ ΣΤΑ ΚΕΝΤΡΑ ΔΙΑΣΚΕΔΑΣΕΩΣ
Θεσσαλονίκη, 28.— Αθωώθηκαν χθές άπό τό τριμελές πλημμελειοδικείο Θεσσαλονίκης ή διευθύντρια του ίδρύματος καθυστερημένων παιδιών «Αγιος Δημήτριος», ή ύποδιευθύντρια καί ή νοσοκόμα πού είχαν παραπεμφθεί σέ δίκη γιά κακοποίηση 14χρονου τροφίμου. Οπως ύποστήριξαν οί κατηγορούμενες, ό νεαρός ήταν προβληματικό παιδί καί οί καταγγελίες ήταν γενικές καί άόριστες. Στή διάρκεια της δίκης έξετάστηκαν μάρτυρες κατηγορίας καί ύπερασπίσεως, ένώ τό δικαστήριο κατέληξε ότι δέν προέκυψαν στοιχεία ένοχής.
«ΧΡΥΣΑΔΑΚΤΥΛΟΙ» ΔΙΕΡΡΗΞΑΝ ΚΑΤΑΣΤΗΜΑ
Θεσσαλονίκη, 28.— Αθωώθηκαν χθές άπό τό τριμελές πλημμελειοδικείο Θεσσαλονίκης ή διευθύντρια του ίδρύματος καθυστερημένων παιδιών «Αγιος Δημήτριος», ή ύποδιευθύντρια καί ή νοσοκόμα πού είχαν παραπεμφθεί σέ δίκη γιά κακοποίηση 14χρονου τροφίμου. Οπως ύποστήριξαν οί κατηγορούμενες, ό νεαρός ήταν προβληματικό παιδί καί οί καταγγελίες ήταν γενικές καί άόριστες. Στή διάρκεια της δίκης έξετάστηκαν μάρτυρες κατηγορίας καί ύπερασπίσεως, ένώ τό δικαστήριο κατέληξε ότι δέν προέκυψαν στοιχεία ένοχής.
ΜΟΤΟΠΟΔΗΛΑΤΕΣ ΤΗΣ ΑΡΠΑΞΑΝ ΤΗΝ ΤΣΑΝΤΑ
Θεσσαλονίκη, 28.— Αθωώθηκαν χθές άπό τό τριμελές πλημμελειοδικείο Θεσσαλονίκης ή διευθύντρια του ίδρύματος καθυστερημένων παιδιών «Αγιος Δημήτριος», ή ύποδιευθύντρια καί ή νοσοκόμα πού είχαν παραπεμφθεί σέ δίκη γιά κακοποίηση 14χρονου τροφίμου. Οπως ύποστήριξαν οί κατηγορούμενες, ό νεαρός ήταν προβληματικό παιδί καί οί καταγγελίες ήταν γενικές καί άόριστες. Στή διάρκεια της δίκης έξετάστηκαν μάρτυρες κατηγορίας καί ύπερασπίσεως, ένώ τό δικαστήριο κατέληξε ότι δέν προέκυψαν στοιχεία ένοχής.
ΣΚΛΗΡΟ ΠΟΡΝΟ ΠΡΟΒΑΛΑΝ ΣΕ ΚΙΝΗΜΑΤΟΓΡΑΦΟ
Θεσσαλονίκη, 28.— Αθωώθηκαν χθές άπό τό τριμελές πλημμελειοδικείο Θεσσαλονίκης ή διευθύντρια του ίδρύματος καθυστερημένων παιδιών «Αγιος Δημήτριος», ή ύποδιευθύντρια καί ή νοσοκόμα πού είχαν παραπεμφθεί σέ δίκη γιά κακοποίηση 14χρονου τροφίμου. Οπως ύποστήριξαν οί κατηγορούμενες, ό νεαρός ήταν προβληματικό παιδί καί οί καταγγελίες ήταν γενικές καί άόριστες. Στή διάρκεια της δίκης έξετάστηκαν μάρτυρες κατηγορίας καί ύπερασπίσεως, ένώ τό δικαστήριο κατέληξε ότι δέν προέκυψαν στοιχεία ένοχής.
ΤΗ ΒΡΗΚΑΝ ΝΕΚΡΗ ΣΤΟ ΛΟΥΤΡΟ ΤΗΣ
Θεσσαλονίκη, 28.— Αθωώθηκαν χθές άπό τό τριμελές πλημμελειοδικείο Θεσσαλονίκης ή διευθύντρια του ίδρύματος καθυστερημένων παιδιών «Αγιος Δημήτριος», ή ύποδιευθύντρια καί ή νοσοκόμα πού είχαν παραπεμφθεί σέ δίκη γιά κακοποίηση 14χρονου τροφίμου. Οπως ύποστήριξαν οί κατηγορούμενες, ό νεαρός ήταν προβληματικό παιδί καί οί καταγγελίες ήταν γενικές καί άόριστες. Στή διάρκεια της δίκης έξετάστηκαν μάρτυρες κατηγορίας καί ύπερασπίσεως, ένώ τό δικαστήριο κατέληξε ότι δέν προέκυψαν στοιχεία ένοχής.
Σελίδα 3
Παραπέμφθηκε στόν άνακριτή
Ο ΣΥΖΥΓΟΣ ΑΡΝΕΙΤΑΙ ΕΠΙΜΟΝΑ ΟΤΙ ΔΟΛΟΦΟΝΗΣΕ ΤΗΝ 37ΧΡΟΝΗ ΚΑΙ ΣΚΗΝΟΘΕΤΗΣΕ ΑΥΤΟΚΤΟΝΙΑ
«Μέ άπατούσε, είπε, μ' έναν άστυνομικό καί φοβάται μήπως τόν χάσει.— Τήν είχα συχωρέσει, άλλά...»
Θεσσαλονίκη, 28.— Αθωώθηκαν χθές άπό τό τριμελές πλημμελειοδικείο Θεσσαλονίκης ή διευθύντρια του ίδρύματος καθυστερημένων παιδιών «Αγιος Δημήτριος», ή ύποδιευθύντρια καί ή νοσοκόμα πού είχαν παραπεμφθεί σέ δίκη γιά κακοποίηση 14χρονου τροφίμου. Οπως ύποστήριξαν οί κατηγορούμενες, ό νεαρός ήταν προβληματικό παιδί καί οί καταγγελίες ήταν γενικές καί άόριστες. Στή διάρκεια της δίκης έξετάστηκαν μάρτυρες κατηγορίας καί ύπερασπίσεως, ένώ τό δικαστήριο κατέληξε ότι δέν προέκυψαν στοιχεία ένοχής.
Θεσσαλονίκη, 28.— Αθωώθηκαν χθές άπό τό τριμελές πλημμελειοδικείο Θεσσαλονίκης ή διευθύντρια του ίδρύματος καθυστερημένων παιδιών «Αγιος Δημήτριος», ή ύποδιευθύντρια καί ή νοσοκόμα πού είχαν παραπεμφθεί σέ δίκη γιά κακοποίηση 14χρονου τροφίμου. Οπως ύποστήριξαν οί κατηγορούμενες, ό νεαρός ήταν προβληματικό παιδί καί οί καταγγελίες ήταν γενικές καί άόριστες. Στή διάρκεια της δίκης έξετάστηκαν μάρτυρες κατηγορίας καί ύπερασπίσεως, ένώ τό δικαστήριο κατέληξε ότι δέν προέκυψαν στοιχεία ένοχής.
ΑΝΑΜΕΝΕΤΑΙ ΑΠΟΦΑΣΗ ΤΟΥ κ. ΜΑΝΟΥ ΓΙΑ ΗΛΕΚΤΡΟΔΟΤΗΣΗ ΤΩΝ ΑΥΘΑΙΡΕΤΩΝ
ΕΥΝΟΪΚΗ ΕΙΣΗΓΗΣΗ ΤΟΥ ΥΠΟΥΡΓΟΥ ΟΙΚΙΣΜΟΥ
Θεσσαλονίκη, 28.— Αθωώθηκαν χθές άπό τό τριμελές πλημμελειοδικείο Θεσσαλονίκης ή διευθύντρια του ίδρύματος καθυστερημένων παιδιών «Αγιος Δημήτριος», ή ύποδιευθύντρια καί ή νοσοκόμα πού είχαν παραπεμφθεί σέ δίκη γιά κακοποίηση 14χρονου τροφίμου. Οπως ύποστήριξαν οί κατηγορούμενες, ό νεαρός ήταν προβληματικό παιδί καί οί καταγγελίες ήταν γενικές καί άόριστες. Στή διάρκεια της δίκης έξετάστηκαν μάρτυρες κατηγορίας καί ύπερασπίσεως, ένώ τό δικαστήριο κατέληξε ότι δέν προέκυψαν στοιχεία ένοχής.
ΔΙΕΘΝΕΣ ΑΓΓΕΙΟΛΟΓΙΚΟ ΣΕΜΙΝΑΡΙΟ ΣΤΗΝ ΚΥΠΡΟ
Θεσσαλονίκη, 28.— Αθωώθηκαν χθές άπό τό τριμελές πλημμελειοδικείο Θεσσαλονίκης ή διευθύντρια του ίδρύματος καθυστερημένων παιδιών «Αγιος Δημήτριος», ή ύποδιευθύντρια καί ή νοσοκόμα πού είχαν παραπεμφθεί σέ δίκη γιά κακοποίηση 14χρονου τροφίμου. Οπως ύποστήριξαν οί κατηγορούμενες, ό νεαρός ήταν προβληματικό παιδί καί οί καταγγελίες ήταν γενικές καί άόριστες. Στή διάρκεια της δίκης έξετάστηκαν μάρτυρες κατηγορίας καί ύπερασπίσεως, ένώ τό δικαστήριο κατέληξε ότι δέν προέκυψαν στοιχεία ένοχής.
Οπως άποκάλυψαν οί έρευνες
Τά τείχη τής Αμφιπόλεως ήταν μακρύτερα των άθηναίων τειχών
Είχαν μήκος έπτάμισυ χιλιόμετρα.— Επιτάφια οικοδομή στό λόφο του τύμβου.— Η διάλεξη του κ. Λαζαρίδη
Θεσσαλονίκη, 28.— Αθωώθηκαν χθές άπό τό τριμελές πλημμελειοδικείο Θεσσαλονίκης ή διευθύντρια του ίδρύματος καθυστερημένων παιδιών «Αγιος Δημήτριος», ή ύποδιευθύντρια καί ή νοσοκόμα πού είχαν παραπεμφθεί σέ δίκη γιά κακοποίηση 14χρονου τροφίμου. Οπως ύποστήριξαν οί κατηγορούμενες, ό νεαρός ήταν προβληματικό παιδί καί οί καταγγελίες ήταν γενικές καί άόριστες. Στή διάρκεια της δίκης έξετάστηκαν μάρτυρες κατηγορίας καί ύπερασπίσεως, ένώ τό δικαστήριο κατέληξε ότι δέν προέκυψαν στοιχεία ένοχής.
ΤΟ ΜΥΣΤΗΡΙΟ ΤΟΥ ΤΥΜΒΟΥ
Θεσσαλονίκη, 28.— Αθωώθηκαν χθές άπό τό τριμελές πλημμελειοδικείο Θεσσαλονίκης ή διευθύντρια του ίδρύματος καθυστερημένων παιδιών «Αγιος Δημήτριος», ή ύποδιευθύντρια καί ή νοσοκόμα πού είχαν παραπεμφθεί σέ δίκη γιά κακοποίηση 14χρονου τροφίμου. Οπως ύποστήριξαν οί κατηγορούμενες, ό νεαρός ήταν προβληματικό παιδί καί οί καταγγελίες ήταν γενικές καί άόριστες. Στή διάρκεια της δίκης έξετάστηκαν μάρτυρες κατηγορίας καί ύπερασπίσεως, ένώ τό δικαστήριο κατέληξε ότι δέν προέκυψαν στοιχεία ένοχής.
ΙΕΡΟ ΝΥΜΦΗΣ
Θεσσαλονίκη, 28.— Αθωώθηκαν χθές άπό τό τριμελές πλημμελειοδικείο Θεσσαλονίκης ή διευθύντρια του ίδρύματος καθυστερημένων παιδιών «Αγιος Δημήτριος», ή ύποδιευθύντρια καί ή νοσοκόμα πού είχαν παραπεμφθεί σέ δίκη γιά κακοποίηση 14χρονου τροφίμου. Οπως ύποστήριξαν οί κατηγορούμενες, ό νεαρός ήταν προβληματικό παιδί καί οί καταγγελίες ήταν γενικές καί άόριστες. Στή διάρκεια της δίκης έξετάστηκαν μάρτυρες κατηγορίας καί ύπερασπίσεως, ένώ τό δικαστήριο κατέληξε ότι δέν προέκυψαν στοιχεία ένοχής.
ΑΝΑΤΡΟΠΗ ΔΕΔΟΜΕΝΩΝ
Θεσσαλονίκη, 28.— Αθωώθηκαν χθές άπό τό τριμελές πλημμελειοδικείο Θεσσαλονίκης ή διευθύντρια του ίδρύματος καθυστερημένων παιδιών «Αγιος Δημήτριος», ή ύποδιευθύντρια καί ή νοσοκόμα πού είχαν παραπεμφθεί σέ δίκη γιά κακοποίηση 14χρονου τροφίμου. Οπως ύποστήριξαν οί κατηγορούμενες, ό νεαρός ήταν προβληματικό παιδί καί οί καταγγελίες ήταν γενικές καί άόριστες. Στή διάρκεια της δίκης έξετάστηκαν μάρτυρες κατηγορίας καί ύπερασπίσεως, ένώ τό δικαστήριο κατέληξε ότι δέν προέκυψαν στοιχεία ένοχής.
Π. ΠΑΠΑΝΑΟΥΜ
Μέ πλοία, «μίνι ύποβρύχιο» κ.λ.π.
Επιχείρηση στή Σαρδηνία γιά ν' άνασυρθεί τό φορτίο του φορτηγού «Κλέαρχος»
Είναι έξαιρετικά τοξικό καί άν ύπάρξει διαρροή θά ρυπανθούν οί άκτές.— Πιστωση 340.000.000 δρχ.
Θεσσαλονίκη, 28.— Αθωώθηκαν χθές άπό τό τριμελές πλημμελειοδικείο Θεσσαλονίκης ή διευθύντρια του ίδρύματος καθυστερημένων παιδιών «Αγιος Δημήτριος», ή ύποδιευθύντρια καί ή νοσοκόμα πού είχαν παραπεμφθεί σέ δίκη γιά κακοποίηση 14χρονου τροφίμου. Οπως ύποστήριξαν οί κατηγορούμενες, ό νεαρός ήταν προβληματικό παιδί καί οί καταγγελίες ήταν γενικές καί άόριστες. Στή διάρκεια της δίκης έξετάστηκαν μάρτυρες κατηγορίας καί ύπερασπίσεως, ένώ τό δικαστήριο κατέληξε ότι δέν προέκυψαν στοιχεία ένοχής.
Θεσσαλονίκη, 28.— Αθωώθηκαν χθές άπό τό τριμελές πλημμελειοδικείο Θεσσαλονίκης ή διευθύντρια του ίδρύματος καθυστερημένων παιδιών «Αγιος Δημήτριος», ή ύποδιευθύντρια καί ή νοσοκόμα πού είχαν παραπεμφθεί σέ δίκη γιά κακοποίηση 14χρονου τροφίμου. Οπως ύποστήριξαν οί κατηγορούμενες, ό νεαρός ήταν προβληματικό παιδί καί οί καταγγελίες ήταν γενικές καί άόριστες. Στή διάρκεια της δίκης έξετάστηκαν μάρτυρες κατηγορίας καί ύπερασπίσεως, ένώ τό δικαστήριο κατέληξε ότι δέν προέκυψαν στοιχεία ένοχής.
ΔΕΧΘΗΚΕ ΣΦΑΙΡΑ ΣΤΟ ΚΕΦΑΛΙ ΚΑΙ ΔΕΝ ΤΟ ΚΑΤΑΛΑΒΕ
ΤΟΥ ΤΟ ΕΙΠΑΝ ΟΙ ΓΙΑΤΡΟΙ ΜΕΤΑ ΑΠΟ ΤΡΕΙΣ ΜΗΡΕΣ
Θεσσαλονίκη, 28.— Αθωώθηκαν χθές άπό τό τριμελές πλημμελειοδικείο Θεσσαλονίκης ή διευθύντρια του ίδρύματος καθυστερημένων παιδιών «Αγιος Δημήτριος», ή ύποδιευθύντρια καί ή νοσοκόμα πού είχαν παραπεμφθεί σέ δίκη γιά κακοποίηση 14χρονου τροφίμου. Οπως ύποστήριξαν οί κατηγορούμενες, ό νεαρός ήταν προβληματικό παιδί καί οί καταγγελίες ήταν γενικές καί άόριστες. Στή διάρκεια της δίκης έξετάστηκαν μάρτυρες κατηγορίας καί ύπερασπίσεως, ένώ τό δικαστήριο κατέληξε ότι δέν προέκυψαν στοιχεία ένοχής.
